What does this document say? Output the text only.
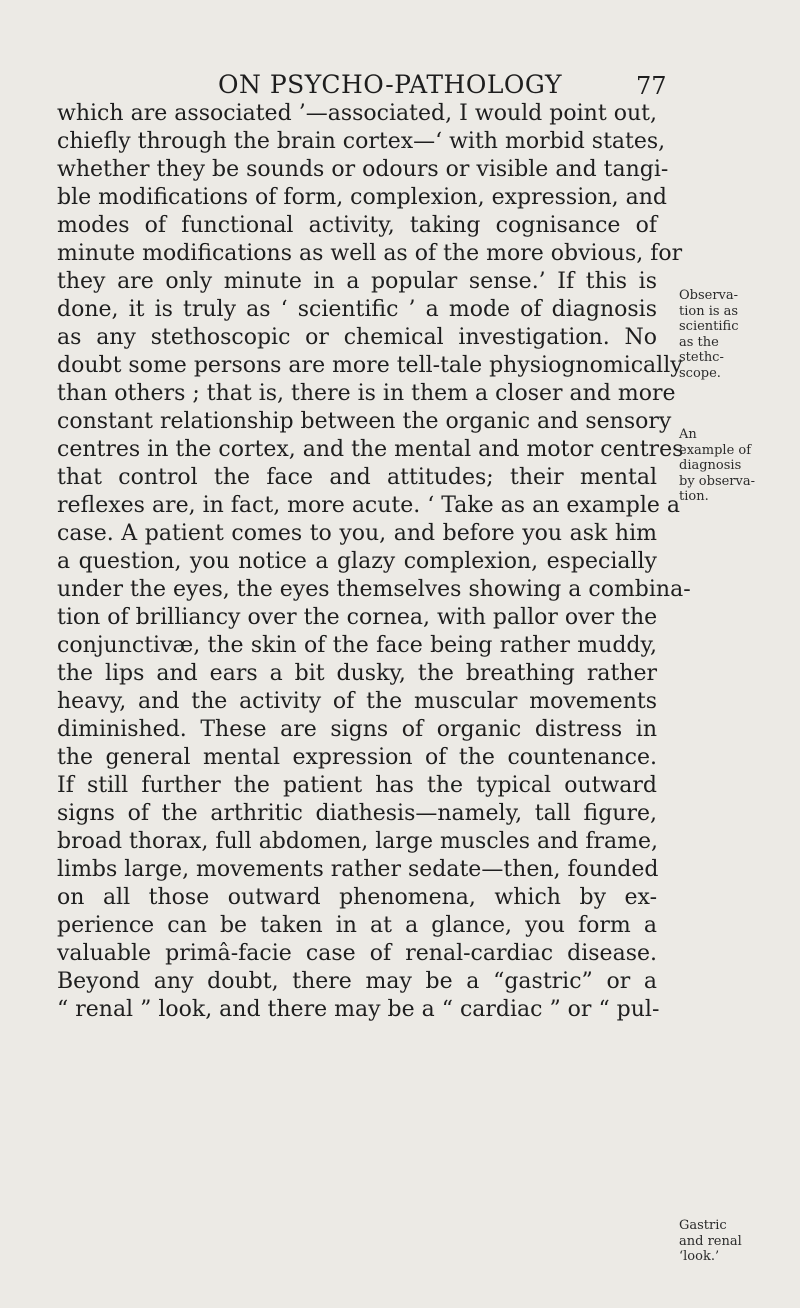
ON PSYCHO-PATHOLOGY	77
which are associated ’—associated, I would point out,
chiefly through the brain cortex—‘ with morbid states,
whether they be sounds or odours or visible and tangi-
ble modifications of form, complexion, expression, and
modes of functional activity, taking cognisance of
minute modifications as well as of the more obvious, for
they are only minute in a popular sense.’ If this is
done, it is truly as ‘ scientific ’ a mode of diagnosis
as any stethoscopic or chemical investigation. No
doubt some persons are more tell-tale physiognomically
than others ; that is, there is in them a closer and more
constant relationship between the organic and sensory
centres in the cortex, and the mental and motor centres
that control the face and attitudes; their mental
reflexes are, in fact, more acute. ‘ Take as an example a
case. A patient comes to you, and before you ask him
a question, you notice a glazy complexion, especially
under the eyes, the eyes themselves showing a combina-
tion of brilliancy over the cornea, with pallor over the
conjunctivæ, the skin of the face being rather muddy,
the lips and ears a bit dusky, the breathing rather
heavy, and the activity of the muscular movements
diminished. These are signs of organic distress in
the general mental expression of the countenance.
If still further the patient has the typical outward
signs of the arthritic diathesis—namely, tall figure,
broad thorax, full abdomen, large muscles and frame,
limbs large, movements rather sedate—then, founded
on all those outward phenomena, which by ex-
perience can be taken in at a glance, you form a
valuable primâ-facie case of renal-cardiac disease.
Beyond any doubt, there may be a “gastric” or a
“ renal ” look, and there may be a “ cardiac ” or “ pul-
Observa-
tion is as
scientific
as the
stethc-
scope.
An
example of
diagnosis
by observa-
tion.
Gastric
and renal
‘look.’
